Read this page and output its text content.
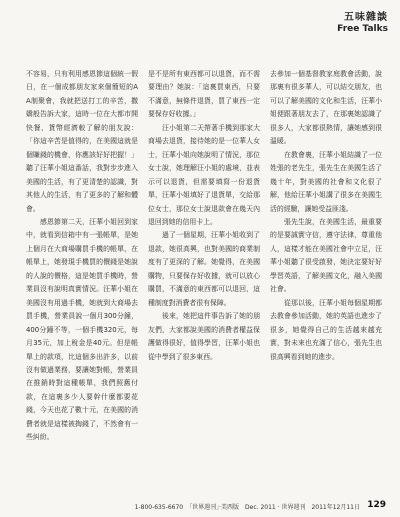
五味雜談
Free Talks

不容易，只有利用感恩節這個統一假日，在一個成都朋友家來個簡短的AA制聚會，我就把送打工的辛苦，撒嬌般告訴大家，這時一位在大都市開快餐、貨幣經濟較了解的朋友說：「你這辛苦是值得的，在美國這就是個賺錢的機會，你應該好好把握！」聽了汪華小姐這番話，我對步步進入美國的生活，有了更清楚的認識，對其他人的生活，有了更多的了解和體會。

感恩節第二天，汪華小姐回到家中，就看到信箱中有一張帳單，是她上個月在大商場購買手機的帳單，在帳單上，她發現手機買的價錢是她說的人說的價格，這是她買手機時，營業員沒有說明真實情況。汪華小姐在美國沒有用過手機，她就到大商場去買手機，營業員說一個月300分鐘，400分鐘不等，一個手機320元，每月35元，加上稅金是40元。但是帳單上的款項，比這個多出許多，以前沒有做過業務，要讓她對帳，營業員在推銷時對這種帳單，我們照舊付款，在這裏多少人要幹什麼都要花錢，今天也花了數十元，在美國的消費者就是這樣被掏錢了，不然會有一些糾紛。

是不是所有東西都可以退貨，而不需要理由？她說：「這裏買東西，只要不滿意，無條件退貨，買了東西一定要保存好收據。」

汪小姐第二天帶著手機到那家大商場去退貨，接待她的是一位華人女士，汪華小姐向她說明了情況，那位女士說，她理解汪小姐的處境，並表示可以退貨，但需要填寫一份退貨單，汪華小姐填好了退貨單，交給那位女士，那位女士說退款會在幾天內退回到她的信用卡上。

過了一個星期，汪華小姐收到了退款，她很高興，也對美國的商業制度有了更深的了解。她覺得，在美國購物，只要保存好收據，就可以放心購買，不滿意的東西都可以退回，這種制度對消費者很有保障。

後來，她把這件事告訴了她的朋友們，大家都說美國的消費者權益保護做得很好，值得學習，汪華小姐也從中學到了很多東西。

去參加一個基督教家庭教會活動，說那裏有很多華人，可以結交朋友，也可以了解美國的文化和生活，汪華小姐便跟著朋友去了，在那裏她認識了很多人，大家都很熱情，讓她感到很溫暖。

在教會裏，汪華小姐結識了一位姓張的老先生，張先生在美國生活了幾十年，對美國的社會和文化很了解，他給汪華小姐講了很多在美國生活的經驗，讓她受益匪淺。

張先生說，在美國生活，最重要的是要誠實守信，遵守法律，尊重他人，這樣才能在美國社會中立足，汪華小姐聽了很受啟發，她決定要好好學習英語，了解美國文化，融入美國社會。

從那以後，汪華小姐每個星期都去教會參加活動，她的英語也進步了很多，她覺得自己的生活越來越充實，對未來也充滿了信心，張先生也很高興看到她的進步。

1-800-635-6670　「世界週刊」‧美西版　Dec. 2011 ‧ 世界週刊　2011年12月11日 129
